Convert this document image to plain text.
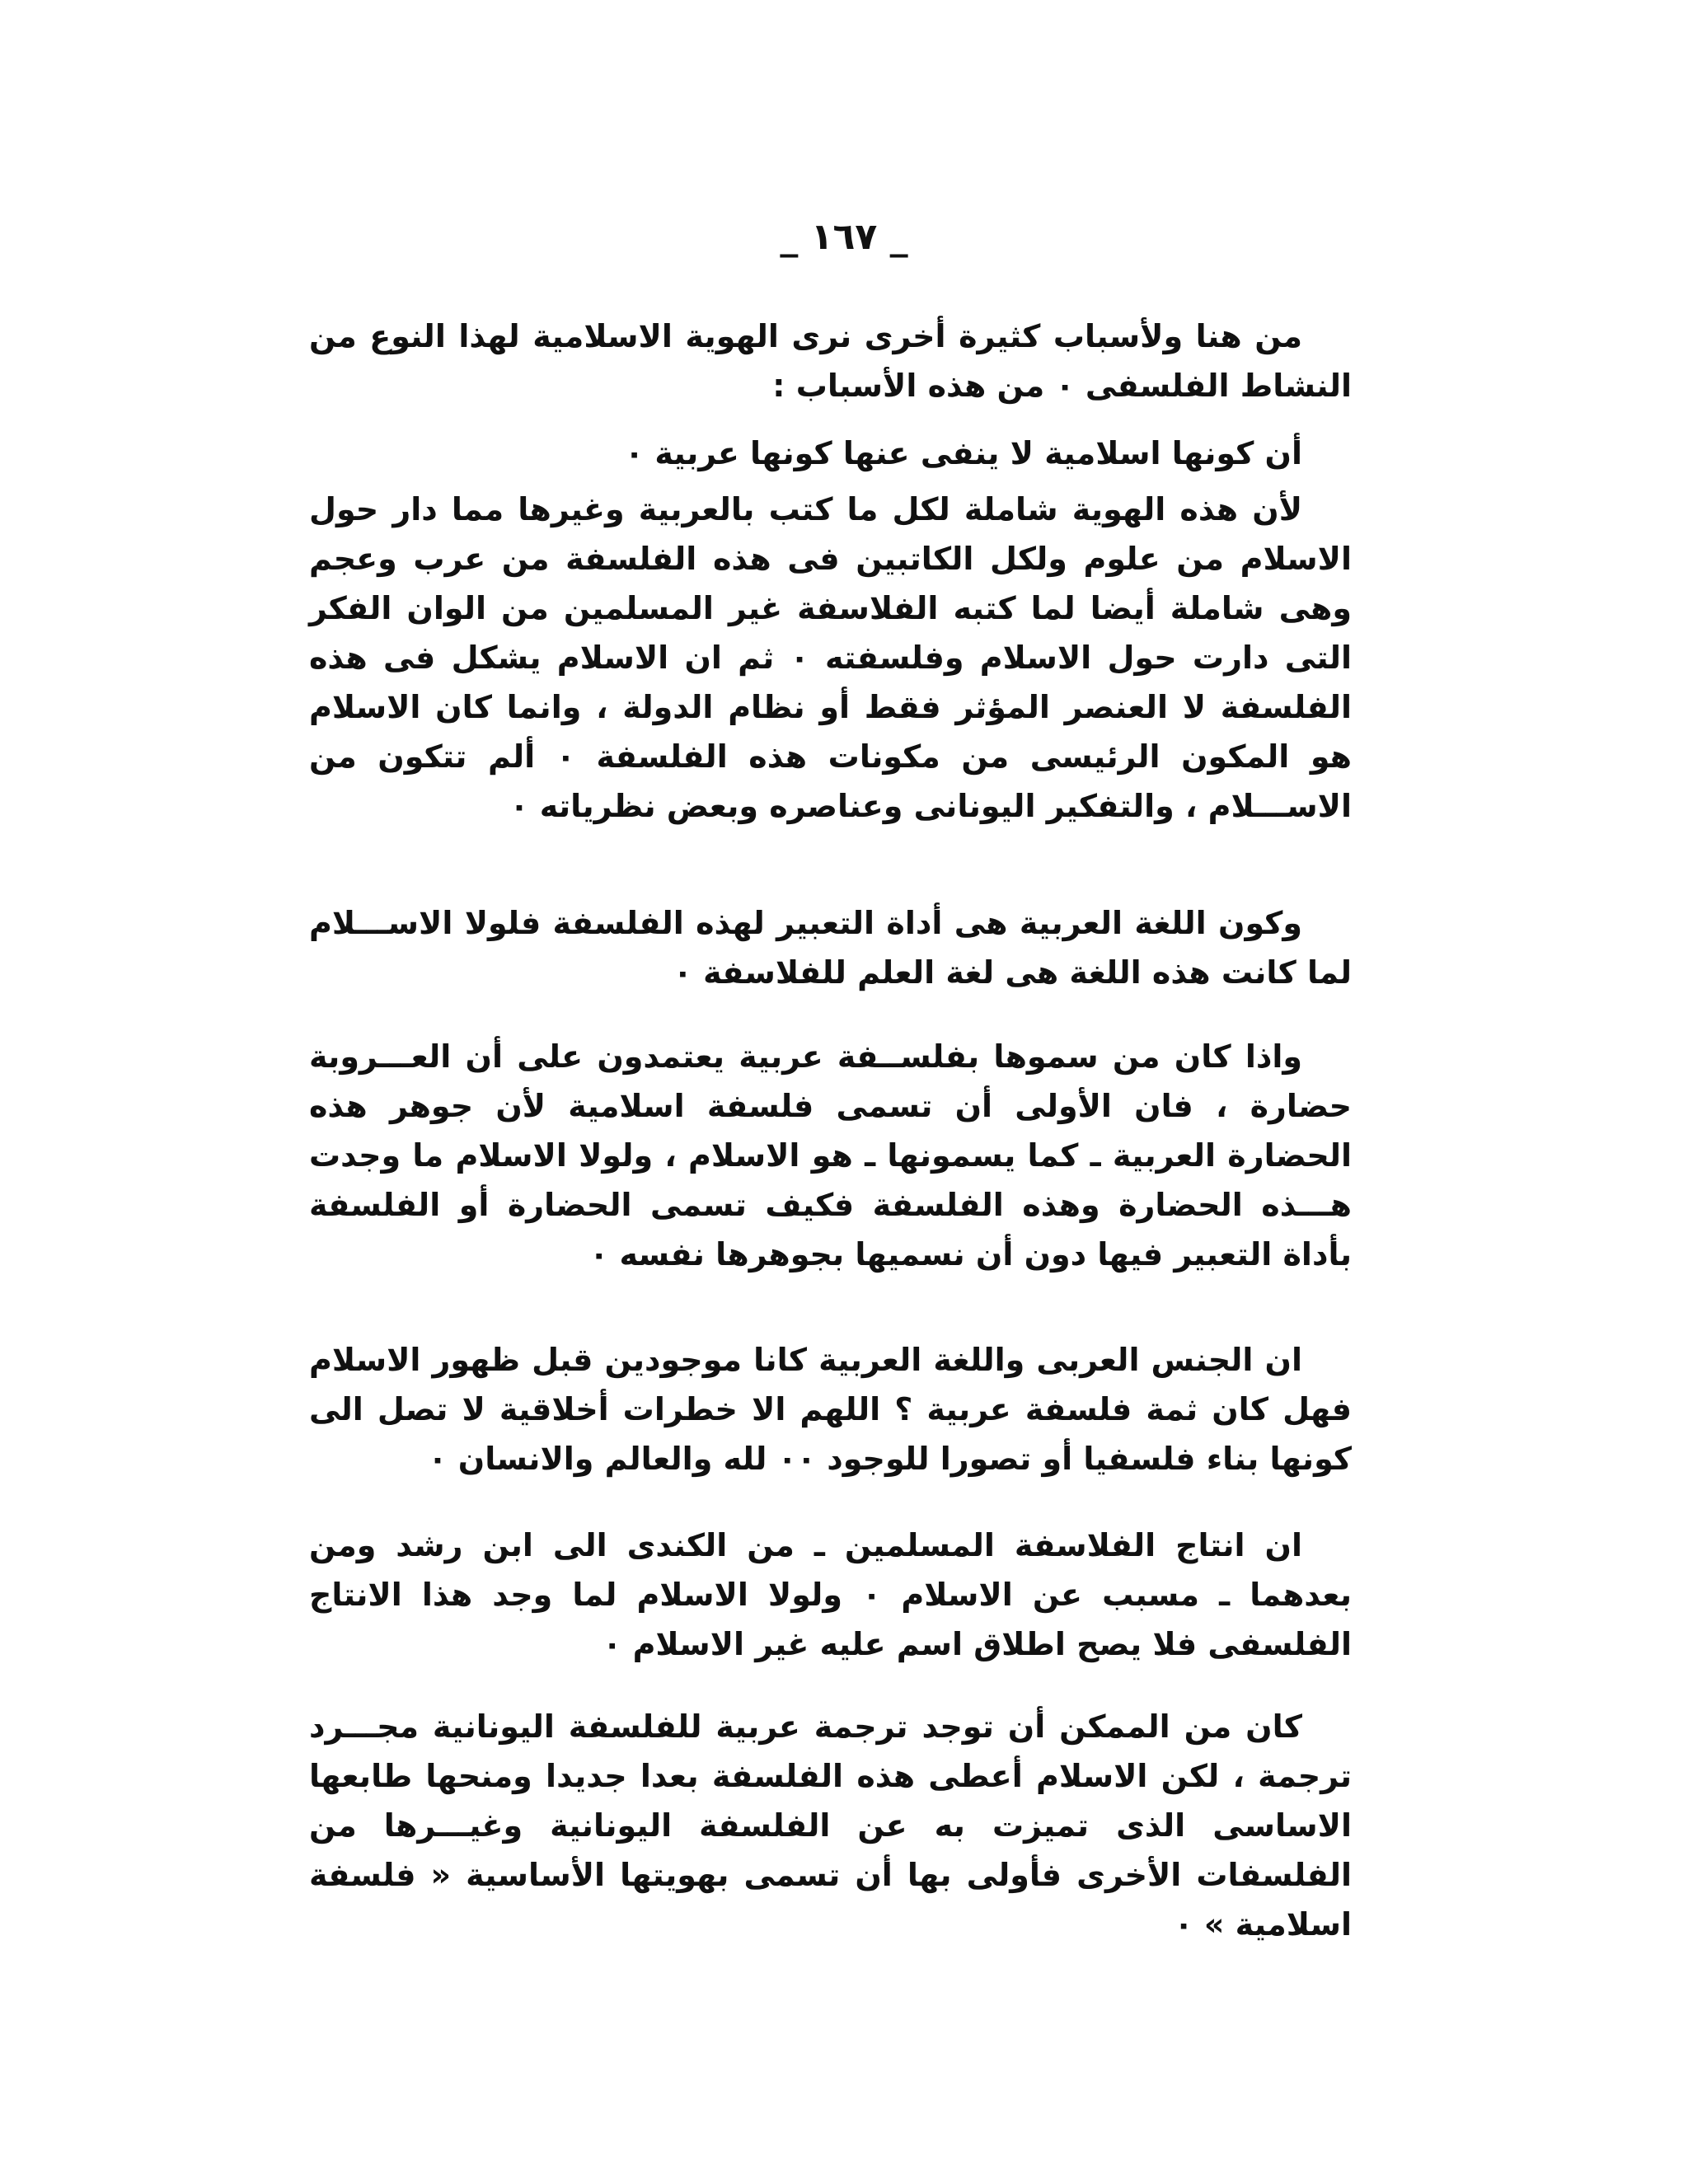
_ ١٦٧ _

من هنا ولأسباب كثيرة أخرى نرى الهوية الاسلامية لهذا النوع من النشاط الفلسفى ٠ من هذه الأسباب :

أن كونها اسلامية لا ينفى عنها كونها عربية ٠

لأن هذه الهوية شاملة لكل ما كتب بالعربية وغيرها مما دار حول الاسلام من علوم ولكل الكاتبين فى هذه الفلسفة من عرب وعجم وهى شاملة أيضا لما كتبه الفلاسفة غير المسلمين من الوان الفكر التى دارت حول الاسلام وفلسفته ٠ ثم ان الاسلام يشكل فى هذه الفلسفة لا العنصر المؤثر فقط أو نظام الدولة ، وانما كان الاسلام هو المكون الرئيسى من مكونات هذه الفلسفة ٠ ألم تتكون من الاســـلام ، والتفكير اليونانى وعناصره وبعض نظرياته ٠

وكون اللغة العربية هى أداة التعبير لهذه الفلسفة فلولا الاســـلام لما كانت هذه اللغة هى لغة العلم للفلاسفة ٠

واذا كان من سموها بفلســفة عربية يعتمدون على أن العـــروبة حضارة ، فان الأولى أن تسمى فلسفة اسلامية لأن جوهر هذه الحضارة العربية ـ كما يسمونها ـ هو الاسلام ، ولولا الاسلام ما وجدت هـــذه الحضارة وهذه الفلسفة فكيف تسمى الحضارة أو الفلسفة بأداة التعبير فيها دون أن نسميها بجوهرها نفسه ٠

ان الجنس العربى واللغة العربية كانا موجودين قبل ظهور الاسلام فهل كان ثمة فلسفة عربية ؟ اللهم الا خطرات أخلاقية لا تصل الى كونها بناء فلسفيا أو تصورا للوجود ٠٠ لله والعالم والانسان ٠

ان انتاج الفلاسفة المسلمين ـ من الكندى الى ابن رشد ومن بعدهما ـ مسبب عن الاسلام ٠ ولولا الاسلام لما وجد هذا الانتاج الفلسفى فلا يصح اطلاق اسم عليه غير الاسلام ٠

كان من الممكن أن توجد ترجمة عربية للفلسفة اليونانية مجـــرد ترجمة ، لكن الاسلام أعطى هذه الفلسفة بعدا جديدا ومنحها طابعها الاساسى الذى تميزت به عن الفلسفة اليونانية وغيـــرها من الفلسفات الأخرى فأولى بها أن تسمى بهويتها الأساسية « فلسفة اسلامية » ٠
